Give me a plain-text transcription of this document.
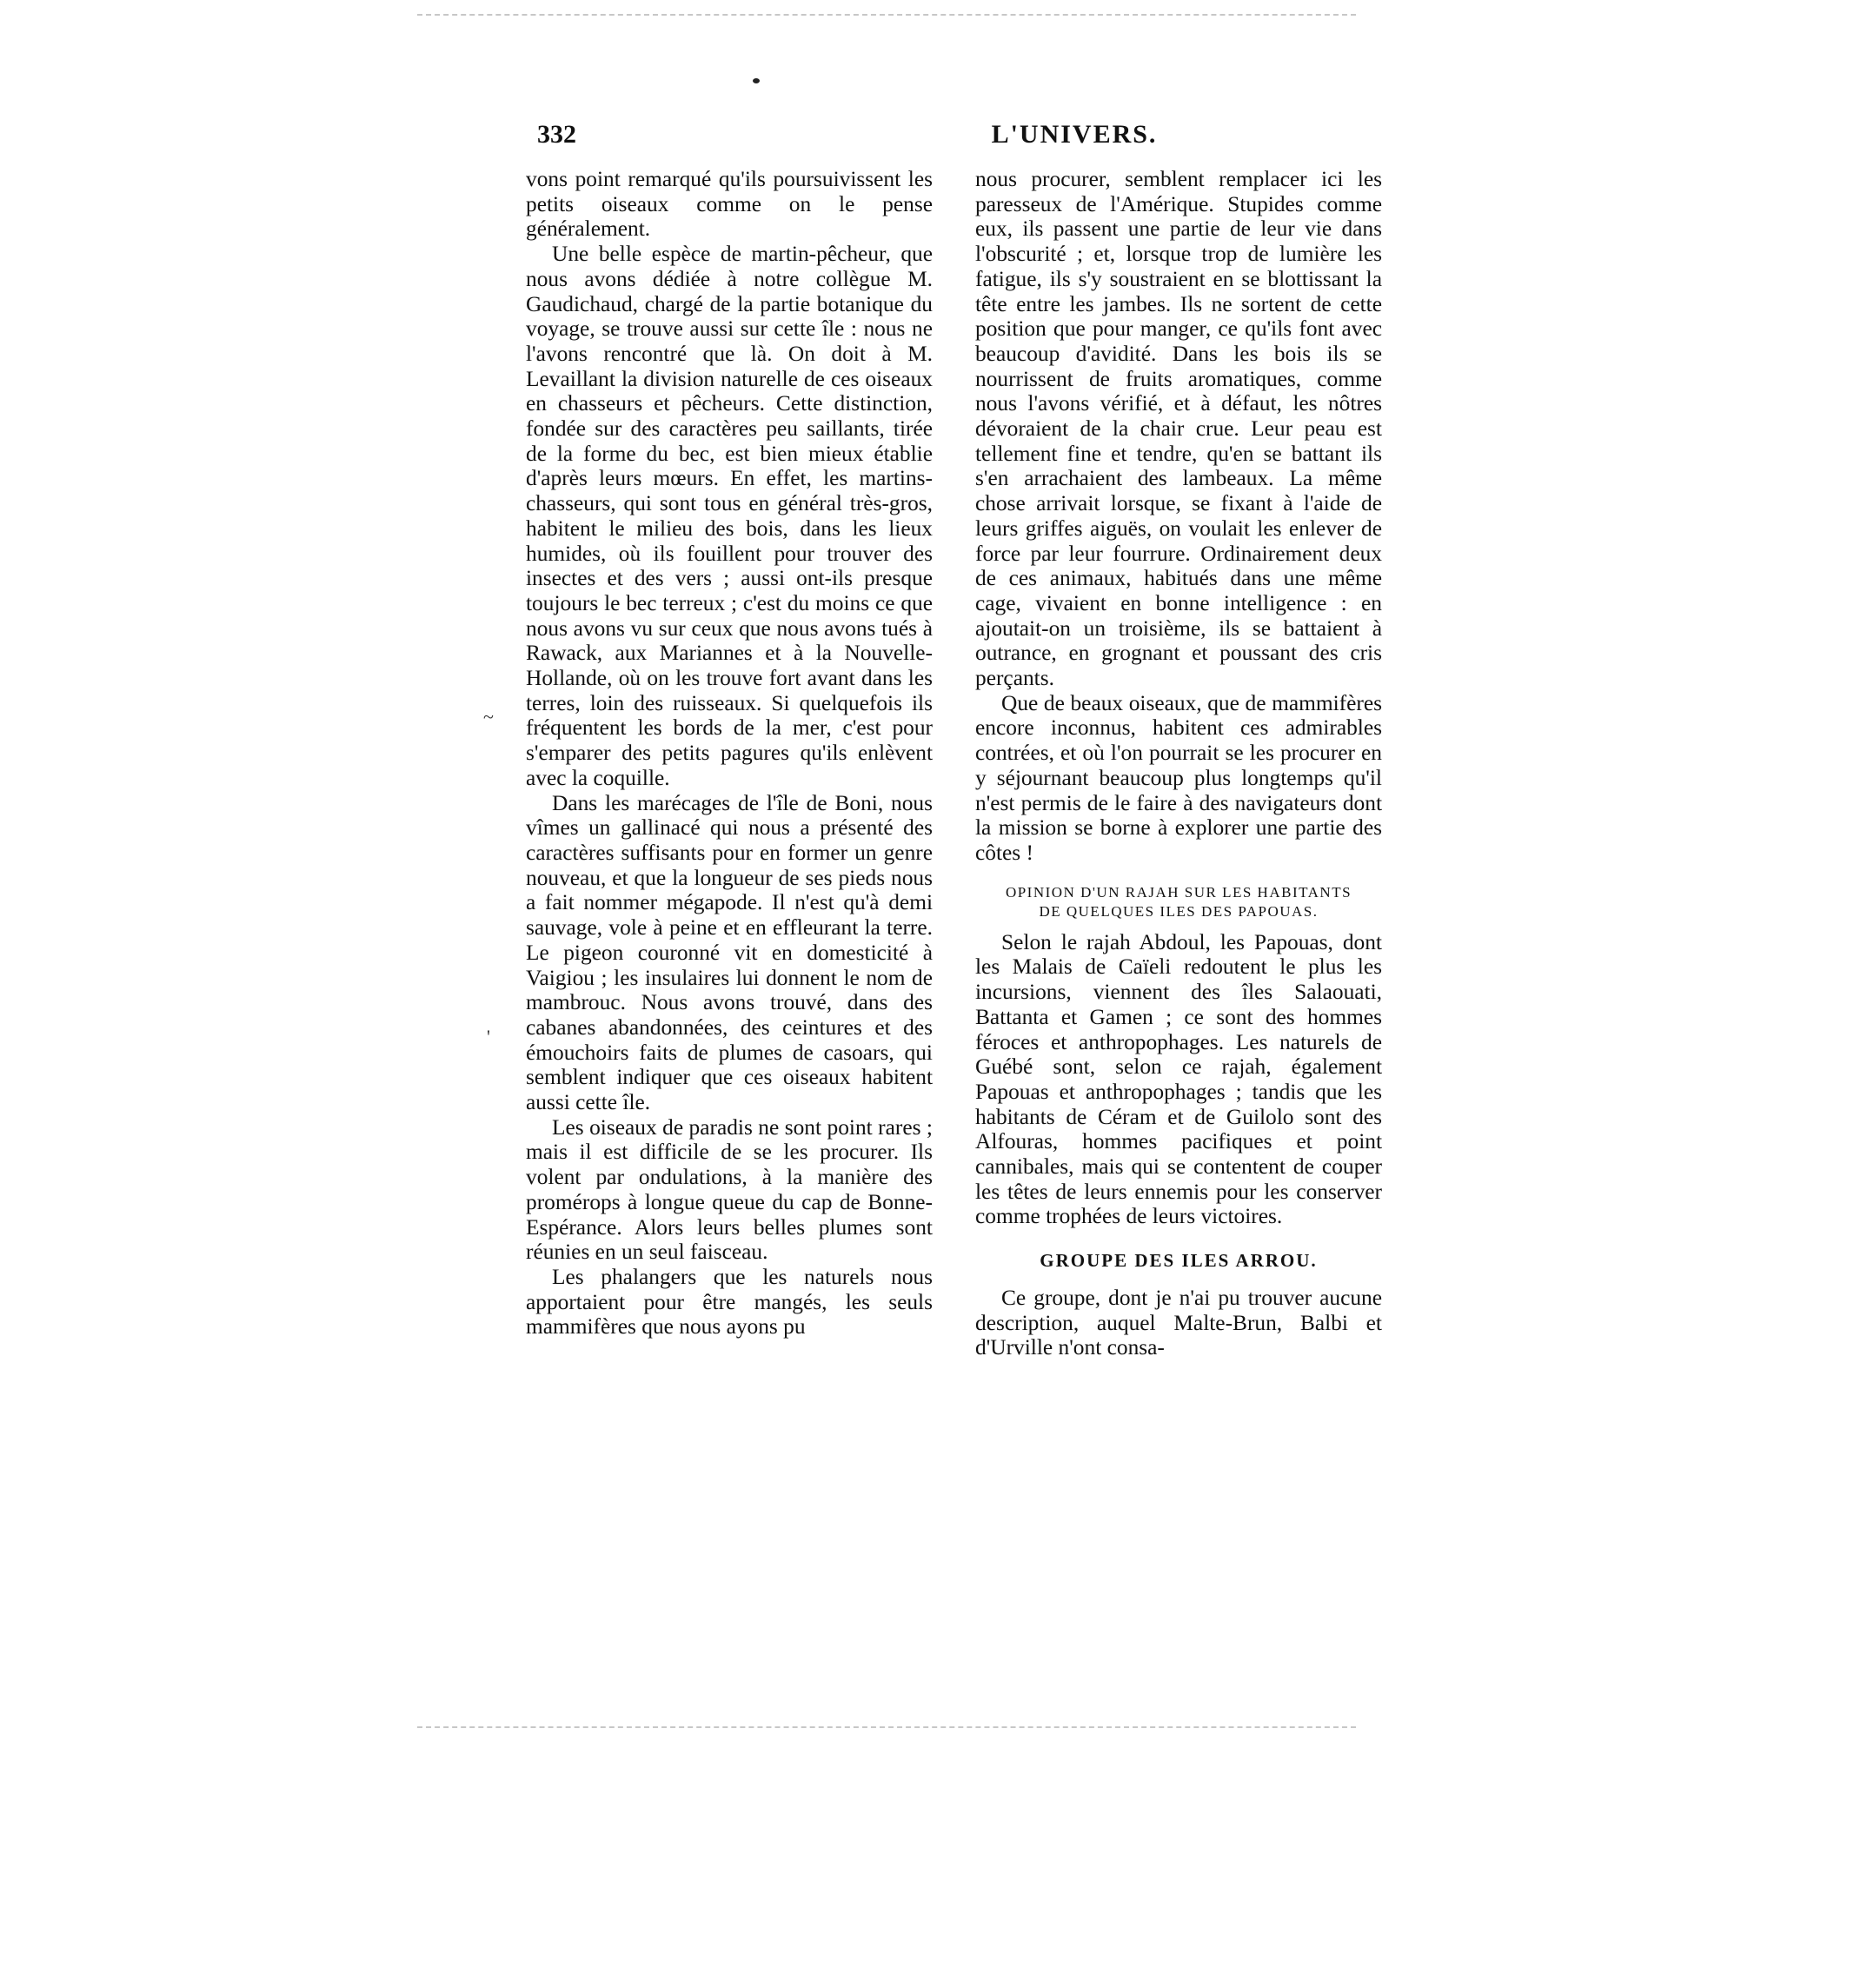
332	L'UNIVERS.
~
'

vons point remarqué qu'ils poursuivissent les petits oiseaux comme on le pense généralement.

Une belle espèce de martin-pêcheur, que nous avons dédiée à notre collègue M. Gaudichaud, chargé de la partie botanique du voyage, se trouve aussi sur cette île : nous ne l'avons rencontré que là. On doit à M. Levaillant la division naturelle de ces oiseaux en chasseurs et pêcheurs. Cette distinction, fondée sur des caractères peu saillants, tirée de la forme du bec, est bien mieux établie d'après leurs mœurs. En effet, les martins-chasseurs, qui sont tous en général très-gros, habitent le milieu des bois, dans les lieux humides, où ils fouillent pour trouver des insectes et des vers ; aussi ont-ils presque toujours le bec terreux ; c'est du moins ce que nous avons vu sur ceux que nous avons tués à Rawack, aux Mariannes et à la Nouvelle-Hollande, où on les trouve fort avant dans les terres, loin des ruisseaux. Si quelquefois ils fréquentent les bords de la mer, c'est pour s'emparer des petits pagures qu'ils enlèvent avec la coquille.

Dans les marécages de l'île de Boni, nous vîmes un gallinacé qui nous a présenté des caractères suffisants pour en former un genre nouveau, et que la longueur de ses pieds nous a fait nommer mégapode. Il n'est qu'à demi sauvage, vole à peine et en effleurant la terre. Le pigeon couronné vit en domesticité à Vaigiou ; les insulaires lui donnent le nom de mambrouc. Nous avons trouvé, dans des cabanes abandonnées, des ceintures et des émouchoirs faits de plumes de casoars, qui semblent indiquer que ces oiseaux habitent aussi cette île.

Les oiseaux de paradis ne sont point rares ; mais il est difficile de se les procurer. Ils volent par ondulations, à la manière des promérops à longue queue du cap de Bonne-Espérance. Alors leurs belles plumes sont réunies en un seul faisceau.

Les phalangers que les naturels nous apportaient pour être mangés, les seuls mammifères que nous ayons pu

nous procurer, semblent remplacer ici les paresseux de l'Amérique. Stupides comme eux, ils passent une partie de leur vie dans l'obscurité ; et, lorsque trop de lumière les fatigue, ils s'y soustraient en se blottissant la tête entre les jambes. Ils ne sortent de cette position que pour manger, ce qu'ils font avec beaucoup d'avidité. Dans les bois ils se nourrissent de fruits aromatiques, comme nous l'avons vérifié, et à défaut, les nôtres dévoraient de la chair crue. Leur peau est tellement fine et tendre, qu'en se battant ils s'en arrachaient des lambeaux. La même chose arrivait lorsque, se fixant à l'aide de leurs griffes aiguës, on voulait les enlever de force par leur fourrure. Ordinairement deux de ces animaux, habitués dans une même cage, vivaient en bonne intelligence : en ajoutait-on un troisième, ils se battaient à outrance, en grognant et poussant des cris perçants.

Que de beaux oiseaux, que de mammifères encore inconnus, habitent ces admirables contrées, et où l'on pourrait se les procurer en y séjournant beaucoup plus longtemps qu'il n'est permis de le faire à des navigateurs dont la mission se borne à explorer une partie des côtes !

OPINION D'UN RAJAH SUR LES HABITANTS
DE QUELQUES ILES DES PAPOUAS.

Selon le rajah Abdoul, les Papouas, dont les Malais de Caïeli redoutent le plus les incursions, viennent des îles Salaouati, Battanta et Gamen ; ce sont des hommes féroces et anthropophages. Les naturels de Guébé sont, selon ce rajah, également Papouas et anthropophages ; tandis que les habitants de Céram et de Guilolo sont des Alfouras, hommes pacifiques et point cannibales, mais qui se contentent de couper les têtes de leurs ennemis pour les conserver comme trophées de leurs victoires.

GROUPE DES ILES ARROU.

Ce groupe, dont je n'ai pu trouver aucune description, auquel Malte-Brun, Balbi et d'Urville n'ont consa-
